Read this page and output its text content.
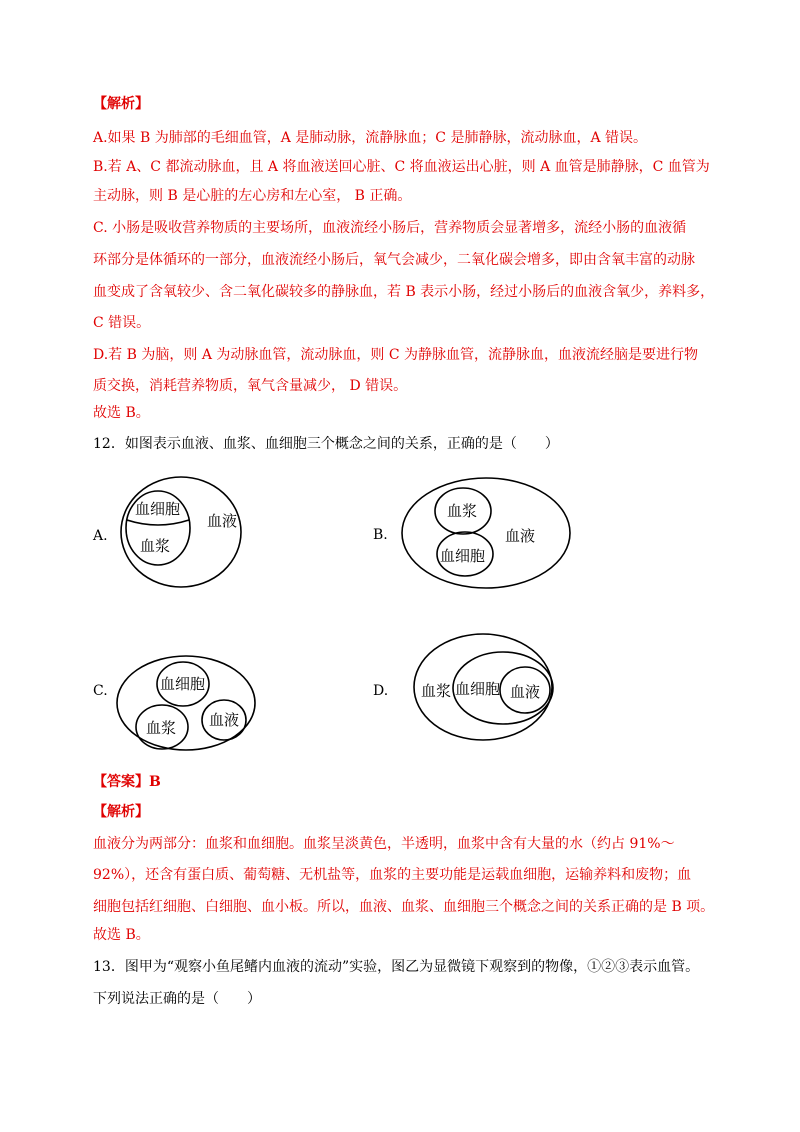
【解析】
A.如果 B 为肺部的毛细血管，A 是肺动脉，流静脉血；C 是肺静脉，流动脉血，A 错误。
B.若 A、C 都流动脉血，且 A 将血液送回心脏、C 将血液运出心脏，则 A 血管是肺静脉，C 血管为
主动脉，则 B 是心脏的左心房和左心室， B 正确。
C. 小肠是吸收营养物质的主要场所，血液流经小肠后，营养物质会显著增多，流经小肠的血液循
环部分是体循环的一部分，血液流经小肠后，氧气会减少，二氧化碳会增多，即由含氧丰富的动脉
血变成了含氧较少、含二氧化碳较多的静脉血，若 B 表示小肠，经过小肠后的血液含氧少，养料多，
C 错误。
D.若 B 为脑，则 A 为动脉血管，流动脉血，则 C 为静脉血管，流静脉血，血液流经脑是要进行物
质交换，消耗营养物质，氧气含量减少， D 错误。
故选 B。
12．如图表示血液、血浆、血细胞三个概念之间的关系，正确的是（　　）
A.	B.
C.	D.
血细胞
血浆
血液
血浆
血细胞
血液
血细胞
血浆 血液
血浆 血细胞 血液
【答案】B
【解析】
血液分为两部分：血浆和血细胞。血浆呈淡黄色，半透明，血浆中含有大量的水（约占 91%～
92%），还含有蛋白质、葡萄糖、无机盐等，血浆的主要功能是运载血细胞，运输养料和废物；血
细胞包括红细胞、白细胞、血小板。所以，血液、血浆、血细胞三个概念之间的关系正确的是 B 项。
故选 B。
13．图甲为“观察小鱼尾鳍内血液的流动”实验，图乙为显微镜下观察到的物像，①②③表示血管。
下列说法正确的是（　　）
